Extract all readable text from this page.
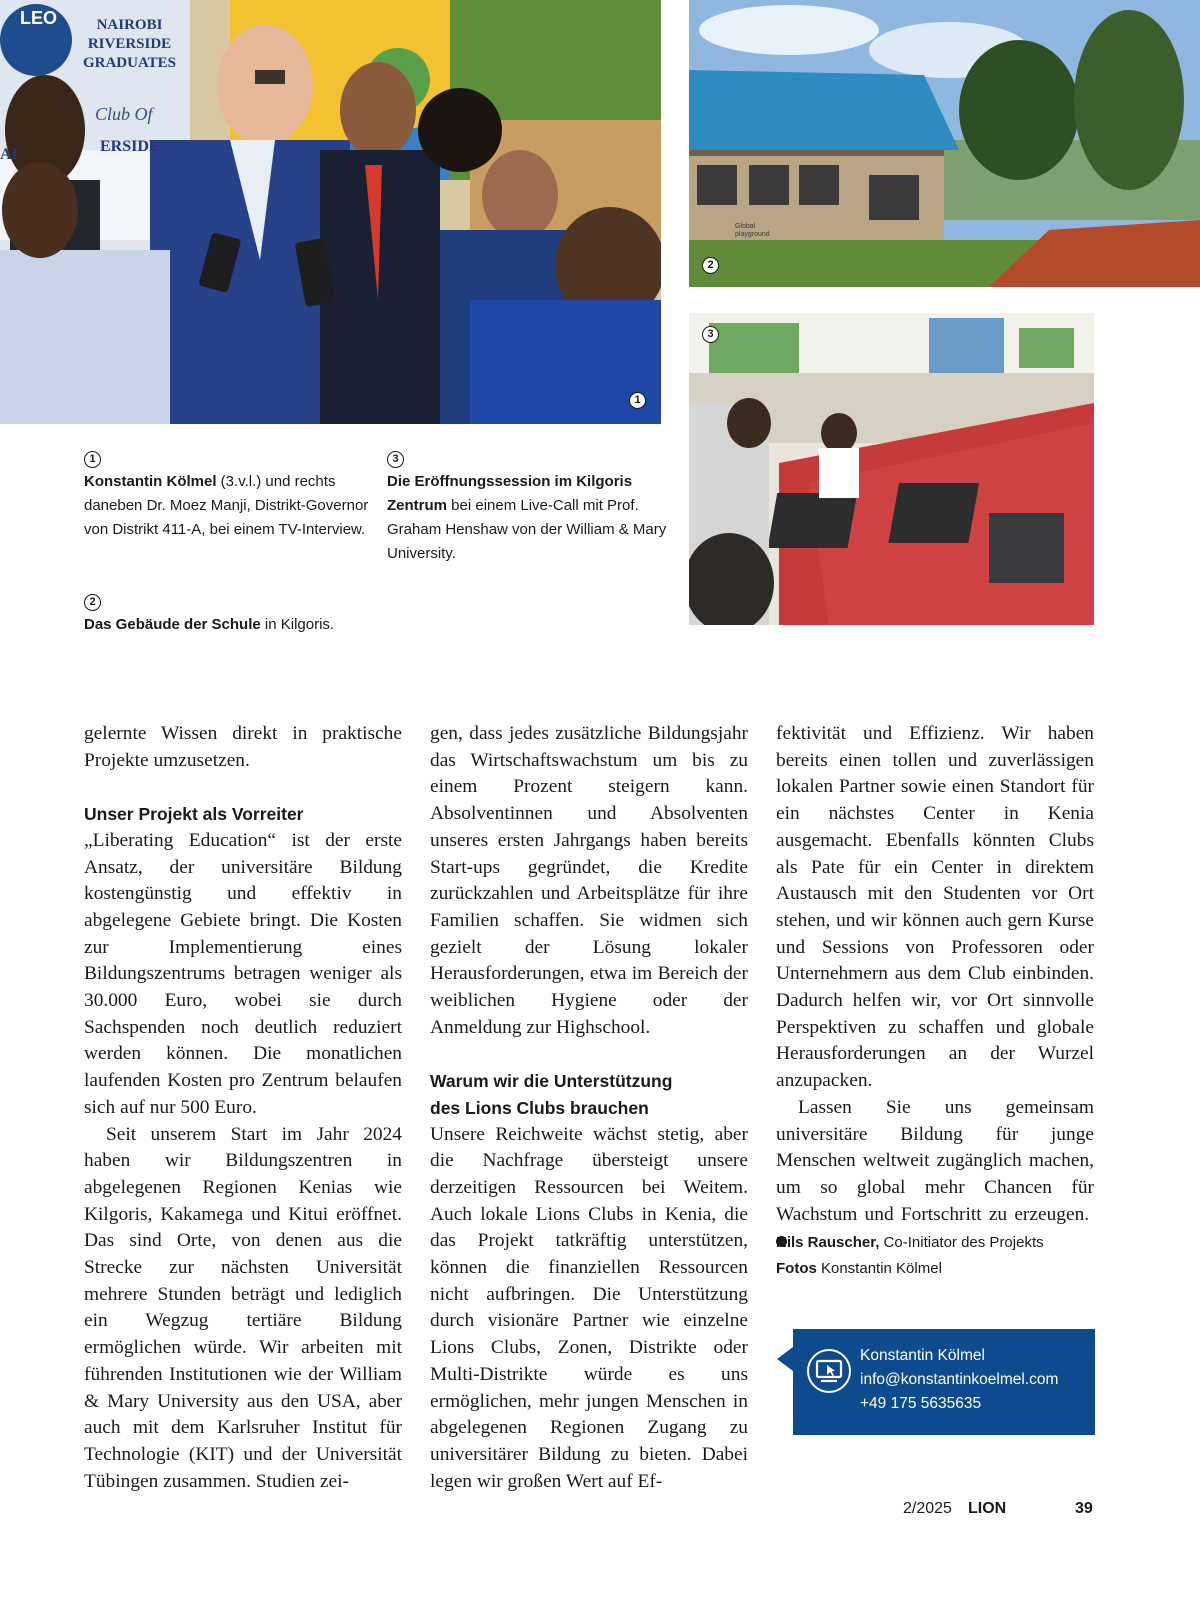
LEO	NAIROBI
RIVERSIDE
GRADUATES
Club Of
ERSIDE
AI
1
Global
playground
2
3
1
Konstantin Kölmel (3.v.l.) und rechts daneben Dr. Moez Manji, Distrikt-Governor von Distrikt 411-A, bei einem TV-Interview.
2
Das Gebäude der Schule in Kilgoris.
3
Die Eröffnungssession im Kilgoris Zentrum bei einem Live-Call mit Prof. Graham Henshaw von der William & Mary University.

gelernte Wissen direkt in praktische Projekte umzusetzen.

Unser Projekt als Vorreiter

„Liberating Education“ ist der erste Ansatz, der universitäre Bildung kostengünstig und effektiv in abgelegene Gebiete bringt. Die Kosten zur Implementierung eines Bildungszentrums betragen weniger als 30.000 Euro, wobei sie durch Sachspenden noch deutlich reduziert werden können. Die monatlichen laufenden Kosten pro Zentrum belaufen sich auf nur 500 Euro.

Seit unserem Start im Jahr 2024 haben wir Bildungszentren in abgelegenen Regionen Kenias wie Kilgoris, Kakamega und Kitui eröffnet. Das sind Orte, von denen aus die Strecke zur nächsten Universität mehrere Stunden beträgt und lediglich ein Wegzug tertiäre Bildung ermöglichen würde. Wir arbeiten mit führenden Institutionen wie der William & Mary University aus den USA, aber auch mit dem Karlsruher Institut für Technologie (KIT) und der Universität Tübingen zusammen. Studien zei-

gen, dass jedes zusätzliche Bildungsjahr das Wirtschaftswachstum um bis zu einem Prozent steigern kann. Absolventinnen und Absolventen unseres ersten Jahrgangs haben bereits Start-ups gegründet, die Kredite zurückzahlen und Arbeitsplätze für ihre Familien schaffen. Sie widmen sich gezielt der Lösung lokaler Herausforderungen, etwa im Bereich der weiblichen Hygiene oder der Anmeldung zur Highschool.

Warum wir die Unterstützung
des Lions Clubs brauchen

Unsere Reichweite wächst stetig, aber die Nachfrage übersteigt unsere derzeitigen Ressourcen bei Weitem. Auch lokale Lions Clubs in Kenia, die das Projekt tatkräftig unterstützen, können die finanziellen Ressourcen nicht aufbringen. Die Unterstützung durch visionäre Partner wie einzelne Lions Clubs, Zonen, Distrikte oder Multi-Distrikte würde es uns ermöglichen, mehr jungen Menschen in abgelegenen Regionen Zugang zu universitärer Bildung zu bieten. Dabei legen wir großen Wert auf Ef-

fektivität und Effizienz. Wir haben bereits einen tollen und zuverlässigen lokalen Partner sowie einen Standort für ein nächstes Center in Kenia ausgemacht. Ebenfalls könnten Clubs als Pate für ein Center in direktem Austausch mit den Studenten vor Ort stehen, und wir können auch gern Kurse und Sessions von Professoren oder Unternehmern aus dem Club einbinden. Dadurch helfen wir, vor Ort sinnvolle Perspektiven zu schaffen und globale Herausforderungen an der Wurzel anzupacken.

Lassen Sie uns gemeinsam universitäre Bildung für junge Menschen weltweit zugänglich machen, um so global mehr Chancen für Wachstum und Fortschritt zu erzeugen.

Nils Rauscher, Co-Initiator des Projekts
Fotos Konstantin Kölmel
Konstantin Kölmel
info@konstantinkoelmel.com
+49 175 5635635
2/2025 LION	39
